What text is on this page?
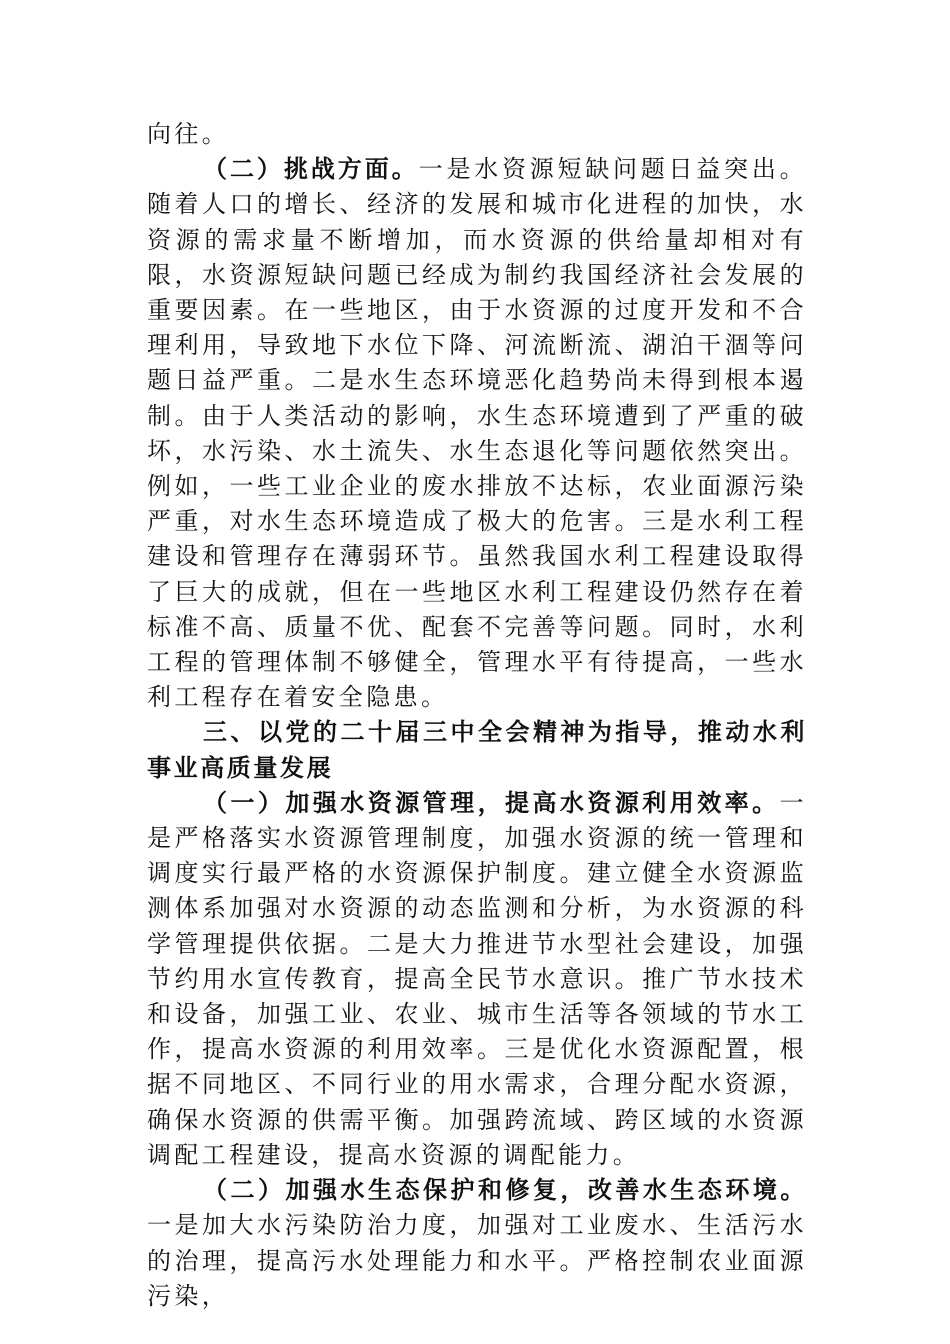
向往。

（二）挑战方面。一是水资源短缺问题日益突出。随着人口的增长、经济的发展和城市化进程的加快，水资源的需求量不断增加，而水资源的供给量却相对有限，水资源短缺问题已经成为制约我国经济社会发展的重要因素。在一些地区，由于水资源的过度开发和不合理利用，导致地下水位下降、河流断流、湖泊干涸等问题日益严重。二是水生态环境恶化趋势尚未得到根本遏制。由于人类活动的影响，水生态环境遭到了严重的破坏，水污染、水土流失、水生态退化等问题依然突出。例如，一些工业企业的废水排放不达标，农业面源污染严重，对水生态环境造成了极大的危害。三是水利工程建设和管理存在薄弱环节。虽然我国水利工程建设取得了巨大的成就，但在一些地区水利工程建设仍然存在着标准不高、质量不优、配套不完善等问题。同时，水利工程的管理体制不够健全，管理水平有待提高，一些水利工程存在着安全隐患。

三、以党的二十届三中全会精神为指导，推动水利事业高质量发展

（一）加强水资源管理，提高水资源利用效率。一是严格落实水资源管理制度，加强水资源的统一管理和调度实行最严格的水资源保护制度。建立健全水资源监测体系加强对水资源的动态监测和分析，为水资源的科学管理提供依据。二是大力推进节水型社会建设，加强节约用水宣传教育，提高全民节水意识。推广节水技术和设备，加强工业、农业、城市生活等各领域的节水工作，提高水资源的利用效率。三是优化水资源配置，根据不同地区、不同行业的用水需求，合理分配水资源，确保水资源的供需平衡。加强跨流域、跨区域的水资源调配工程建设，提高水资源的调配能力。

（二）加强水生态保护和修复，改善水生态环境。一是加大水污染防治力度，加强对工业废水、生活污水的治理，提高污水处理能力和水平。严格控制农业面源污染，
